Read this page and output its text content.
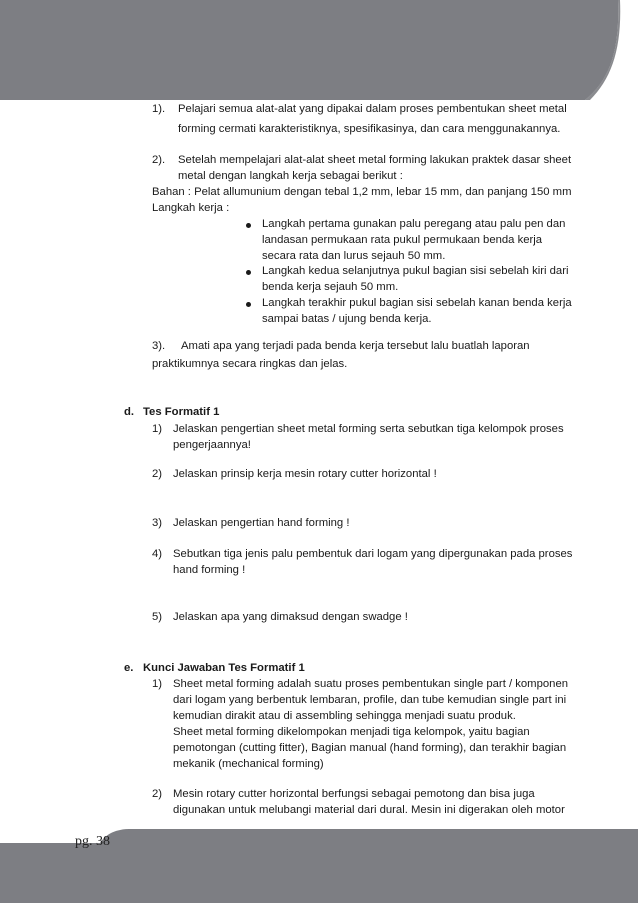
pg. 38
1). Pelajari semua alat-alat yang dipakai dalam proses pembentukan sheet metal
forming cermati karakteristiknya, spesifikasinya, dan cara menggunakannya.
2). Setelah mempelajari alat-alat sheet metal forming lakukan praktek dasar sheet
metal dengan langkah kerja sebagai berikut :
Bahan : Pelat allumunium dengan tebal 1,2 mm, lebar 15 mm, dan panjang 150 mm
Langkah kerja :
Langkah pertama gunakan palu peregang atau palu pen dan
landasan permukaan rata pukul permukaan benda kerja
secara rata dan lurus sejauh 50 mm.
Langkah kedua selanjutnya pukul bagian sisi sebelah kiri dari
benda kerja sejauh 50 mm.
Langkah terakhir pukul bagian sisi sebelah kanan benda kerja
sampai batas / ujung benda kerja.
3). Amati apa yang terjadi pada benda kerja tersebut lalu buatlah laporan
praktikumnya secara ringkas dan jelas.
d. Tes Formatif 1
1) Jelaskan pengertian sheet metal forming serta sebutkan tiga kelompok proses
pengerjaannya!
2) Jelaskan prinsip kerja mesin rotary cutter horizontal !
3) Jelaskan pengertian hand forming !
4) Sebutkan tiga jenis palu pembentuk dari logam yang dipergunakan pada proses
hand forming !
5) Jelaskan apa yang dimaksud dengan swadge !
e. Kunci Jawaban Tes Formatif 1
1) Sheet metal forming adalah suatu proses pembentukan single part / komponen
dari logam yang berbentuk lembaran, profile, dan tube kemudian single part ini
kemudian dirakit atau di assembling sehingga menjadi suatu produk.
Sheet metal forming dikelompokan menjadi tiga kelompok, yaitu bagian
pemotongan (cutting fitter), Bagian manual (hand forming), dan terakhir bagian
mekanik (mechanical forming)
2) Mesin rotary cutter horizontal berfungsi sebagai pemotong dan bisa juga
digunakan untuk melubangi material dari dural. Mesin ini digerakan oleh motor
